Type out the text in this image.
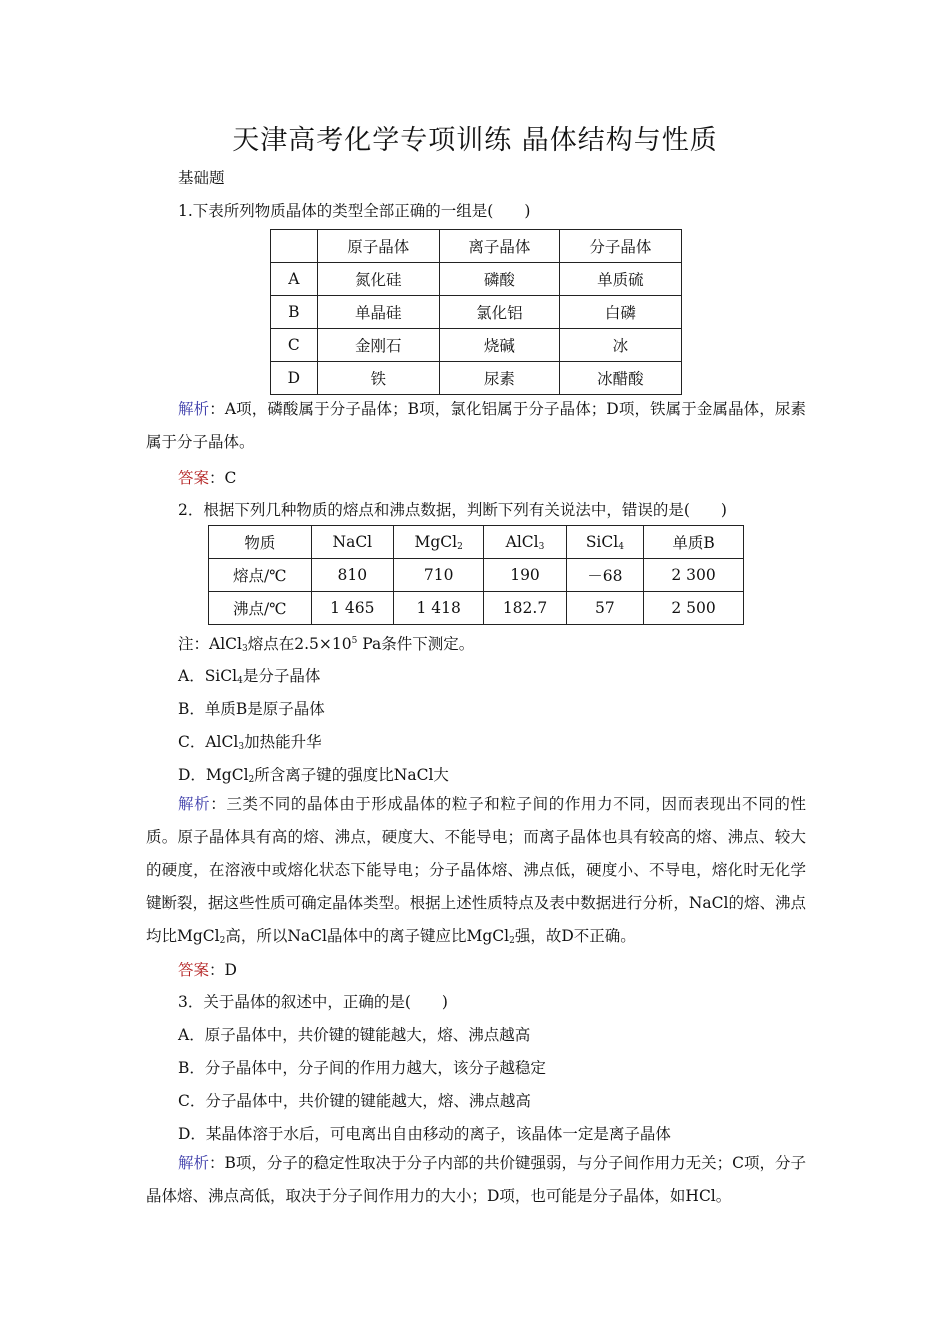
天津高考化学专项训练 晶体结构与性质
基础题
1.下表所列物质晶体的类型全部正确的一组是(　　)
	原子晶体	离子晶体	分子晶体
A	氮化硅	磷酸	单质硫
B	单晶硅	氯化铝	白磷
C	金刚石	烧碱	冰
D	铁	尿素	冰醋酸
解析：A项，磷酸属于分子晶体；B项，氯化铝属于分子晶体；D项，铁属于金属晶体，尿素属于分子晶体。
答案：C
2．根据下列几种物质的熔点和沸点数据，判断下列有关说法中，错误的是(　　)
物质	NaCl	MgCl$_2$	AlCl$_3$	SiCl$_4$	单质B
熔点/℃	810	710	190	－68	2 300
沸点/℃	1 465	1 418	182.7	57	2 500
注：AlCl$_3$熔点在$2.5\times 10^5$ Pa条件下测定。
A．SiCl$_4$是分子晶体
B．单质B是原子晶体
C．AlCl$_3$加热能升华
D．MgCl$_2$所含离子键的强度比NaCl大
解析：三类不同的晶体由于形成晶体的粒子和粒子间的作用力不同，因而表现出不同的性质。原子晶体具有高的熔、沸点，硬度大、不能导电；而离子晶体也具有较高的熔、沸点、较大的硬度，在溶液中或熔化状态下能导电；分子晶体熔、沸点低，硬度小、不导电，熔化时无化学键断裂，据这些性质可确定晶体类型。根据上述性质特点及表中数据进行分析，NaCl的熔、沸点均比MgCl$_2$高，所以NaCl晶体中的离子键应比MgCl$_2$强，故D不正确。
答案：D
3．关于晶体的叙述中，正确的是(　　)
A．原子晶体中，共价键的键能越大，熔、沸点越高
B．分子晶体中，分子间的作用力越大，该分子越稳定
C．分子晶体中，共价键的键能越大，熔、沸点越高
D．某晶体溶于水后，可电离出自由移动的离子，该晶体一定是离子晶体
解析：B项，分子的稳定性取决于分子内部的共价键强弱，与分子间作用力无关；C项，分子晶体熔、沸点高低，取决于分子间作用力的大小；D项，也可能是分子晶体，如HCl。
